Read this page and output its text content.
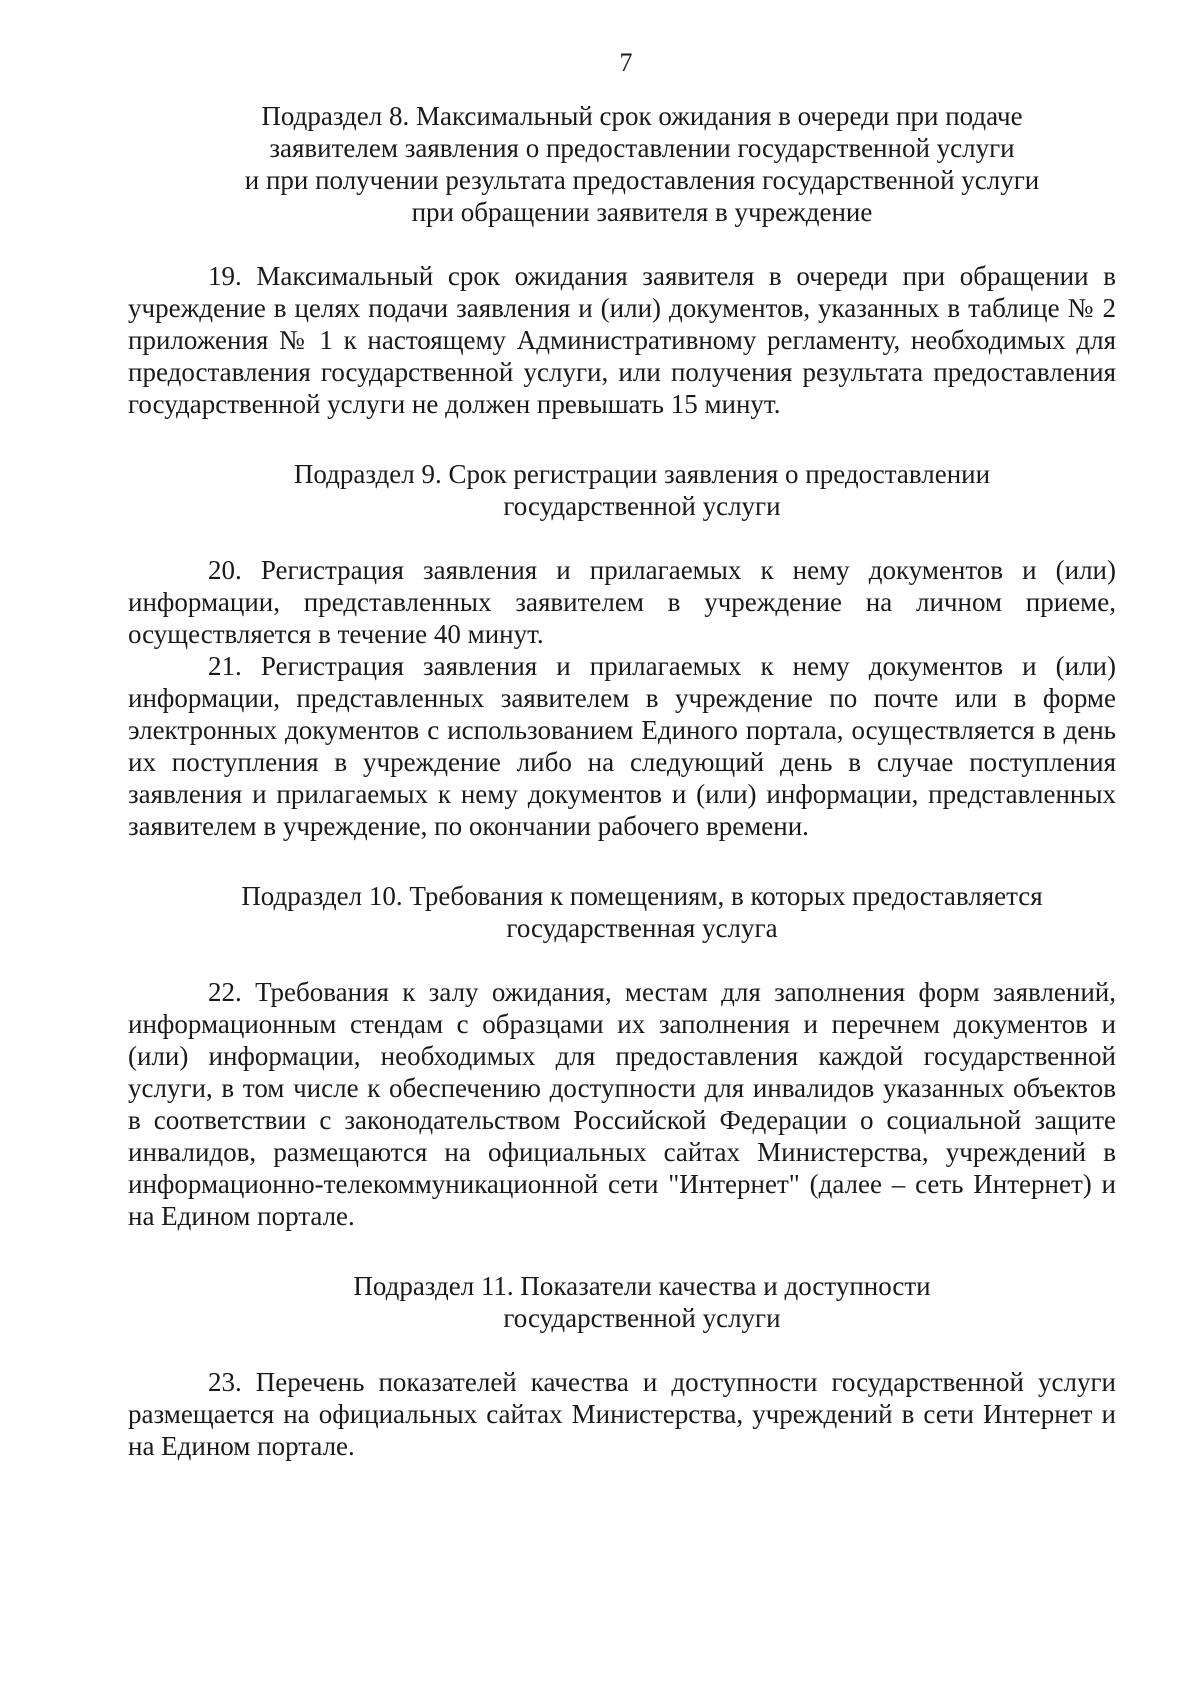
7
Подраздел 8. Максимальный срок ожидания в очереди при подаче
заявителем заявления о предоставлении государственной услуги
и при получении результата предоставления государственной услуги
при обращении заявителя в учреждение

19. Максимальный срок ожидания заявителя в очереди при обращении в учреждение в целях подачи заявления и (или) документов, указанных в таблице № 2 приложения № 1 к настоящему Административному регламенту, необходимых для предоставления государственной услуги, или получения результата предоставления государственной услуги не должен превышать 15 минут.

Подраздел 9. Срок регистрации заявления о предоставлении
государственной услуги

20. Регистрация заявления и прилагаемых к нему документов и (или) информации, представленных заявителем в учреждение на личном приеме, осуществляется в течение 40 минут.

21. Регистрация заявления и прилагаемых к нему документов и (или) информации, представленных заявителем в учреждение по почте или в форме электронных документов с использованием Единого портала, осуществляется в день их поступления в учреждение либо на следующий день в случае поступления заявления и прилагаемых к нему документов и (или) информации, представленных заявителем в учреждение, по окончании рабочего времени.

Подраздел 10. Требования к помещениям, в которых предоставляется
государственная услуга

22. Требования к залу ожидания, местам для заполнения форм заявлений, информационным стендам с образцами их заполнения и перечнем документов и (или) информации, необходимых для предоставления каждой государственной услуги, в том числе к обеспечению доступности для инвалидов указанных объектов в соответствии с законодательством Российской Федерации о социальной защите инвалидов, размещаются на официальных сайтах Министерства, учреждений в информационно-телекоммуникационной сети "Интернет" (далее – сеть Интернет) и на Едином портале.

Подраздел 11. Показатели качества и доступности
государственной услуги

23. Перечень показателей качества и доступности государственной услуги размещается на официальных сайтах Министерства, учреждений в сети Интернет и на Едином портале.
